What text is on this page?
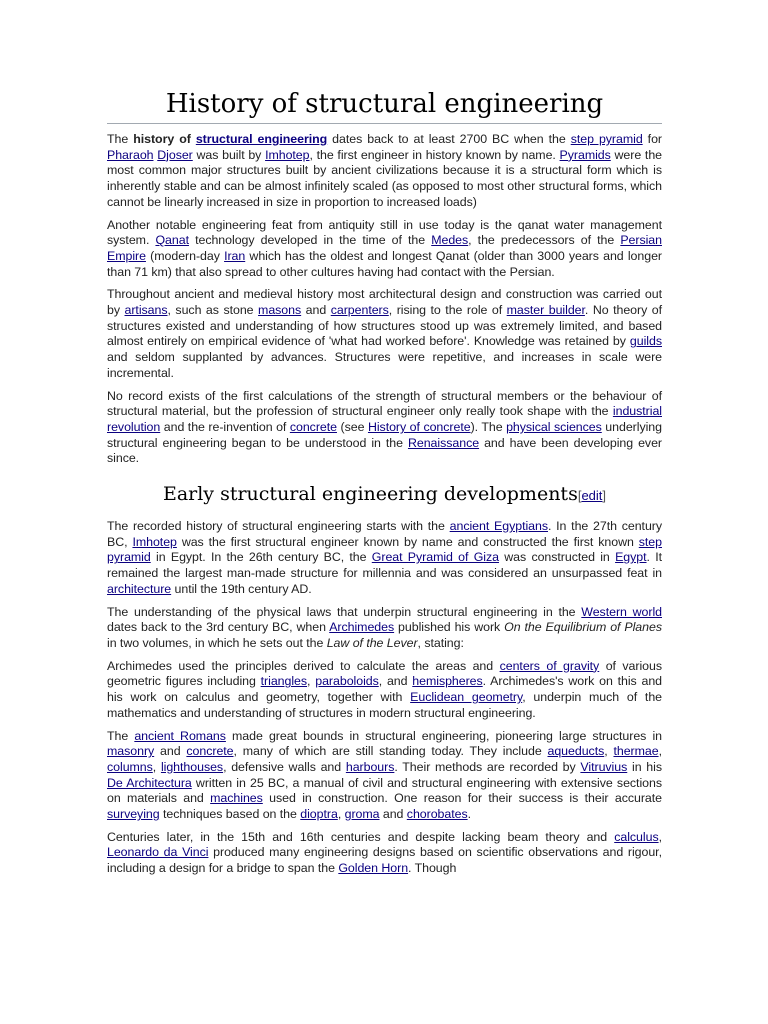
History of structural engineering

The history of structural engineering dates back to at least 2700 BC when the step pyramid for Pharaoh Djoser was built by Imhotep, the first engineer in history known by name. Pyramids were the most common major structures built by ancient civilizations because it is a structural form which is inherently stable and can be almost infinitely scaled (as opposed to most other structural forms, which cannot be linearly increased in size in proportion to increased loads)

Another notable engineering feat from antiquity still in use today is the qanat water management system. Qanat technology developed in the time of the Medes, the predecessors of the Persian Empire (modern-day Iran which has the oldest and longest Qanat (older than 3000 years and longer than 71 km) that also spread to other cultures having had contact with the Persian.

Throughout ancient and medieval history most architectural design and construction was carried out by artisans, such as stone masons and carpenters, rising to the role of master builder. No theory of structures existed and understanding of how structures stood up was extremely limited, and based almost entirely on empirical evidence of 'what had worked before'. Knowledge was retained by guilds and seldom supplanted by advances. Structures were repetitive, and increases in scale were incremental.

No record exists of the first calculations of the strength of structural members or the behaviour of structural material, but the profession of structural engineer only really took shape with the industrial revolution and the re-invention of concrete (see History of concrete). The physical sciences underlying structural engineering began to be understood in the Renaissance and have been developing ever since.

Early structural engineering developments[edit]

The recorded history of structural engineering starts with the ancient Egyptians. In the 27th century BC, Imhotep was the first structural engineer known by name and constructed the first known step pyramid in Egypt. In the 26th century BC, the Great Pyramid of Giza was constructed in Egypt. It remained the largest man-made structure for millennia and was considered an unsurpassed feat in architecture until the 19th century AD.

The understanding of the physical laws that underpin structural engineering in the Western world dates back to the 3rd century BC, when Archimedes published his work On the Equilibrium of Planes in two volumes, in which he sets out the Law of the Lever, stating:

Archimedes used the principles derived to calculate the areas and centers of gravity of various geometric figures including triangles, paraboloids, and hemispheres. Archimedes's work on this and his work on calculus and geometry, together with Euclidean geometry, underpin much of the mathematics and understanding of structures in modern structural engineering.

The ancient Romans made great bounds in structural engineering, pioneering large structures in masonry and concrete, many of which are still standing today. They include aqueducts, thermae, columns, lighthouses, defensive walls and harbours. Their methods are recorded by Vitruvius in his De Architectura written in 25 BC, a manual of civil and structural engineering with extensive sections on materials and machines used in construction. One reason for their success is their accurate surveying techniques based on the dioptra, groma and chorobates.

Centuries later, in the 15th and 16th centuries and despite lacking beam theory and calculus, Leonardo da Vinci produced many engineering designs based on scientific observations and rigour, including a design for a bridge to span the Golden Horn. Though
